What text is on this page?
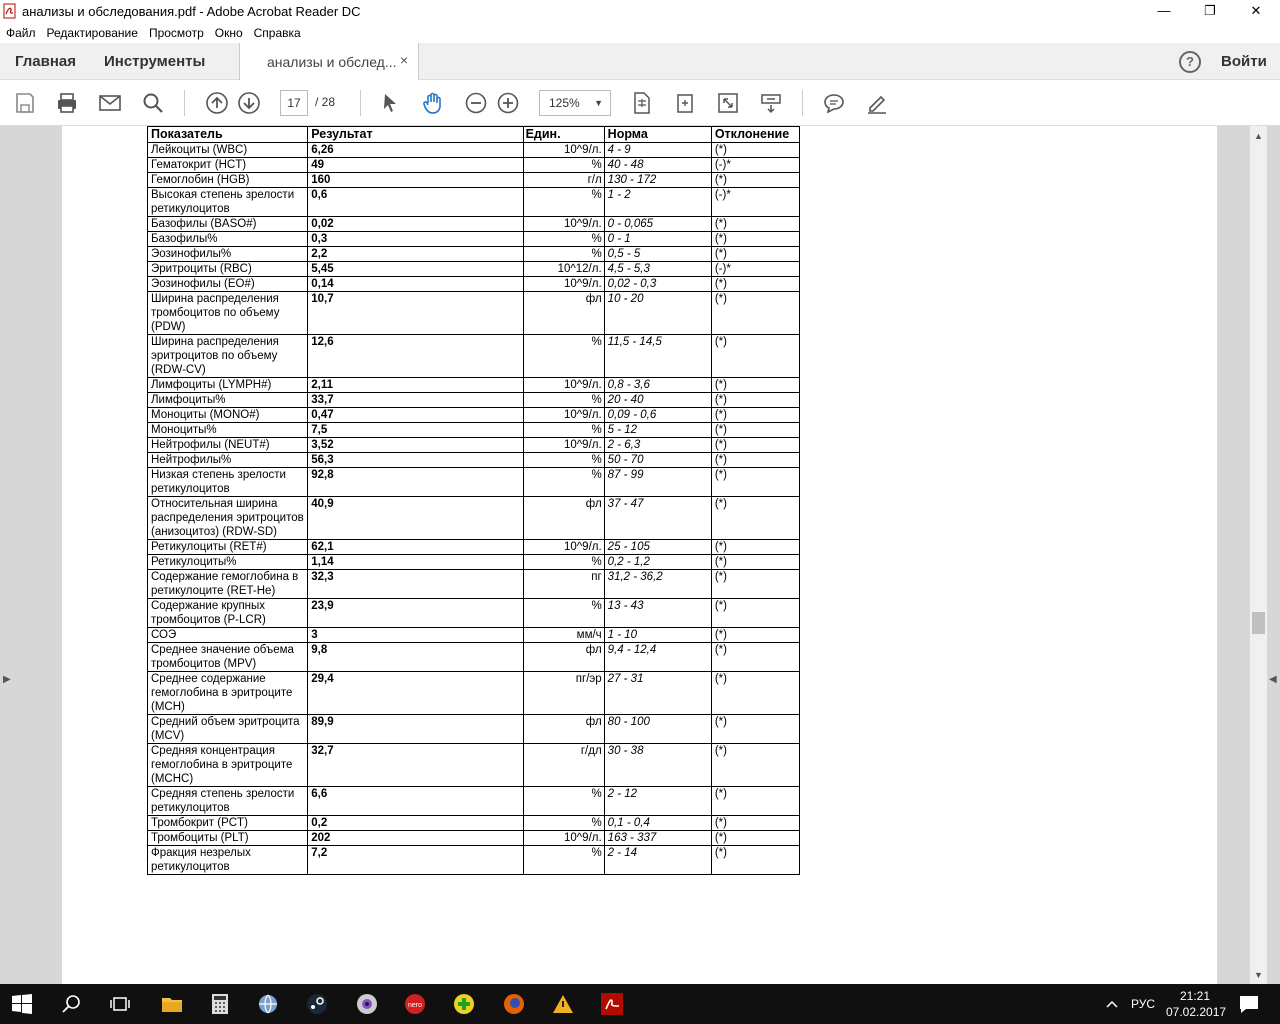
анализы и обследования.pdf - Adobe Acrobat Reader DC	—	❐	✕
Файл Редактирование Просмотр Окно Справка
Главная Инструменты	анализы и обслед... ×	?	Войти
17	/ 28	125% ▼
▶	◀
Показатель	Результат	Един.	Норма	Отклонение
Лейкоциты (WBC)	6,26	10^9/л.	4 - 9	(*)
Гематокрит (HCT)	49	%	40 - 48	(-)*
Гемоглобин (HGB)	160	г/л	130 - 172	(*)
Высокая степень зрелости ретикулоцитов	0,6	%	1 - 2	(-)*
Базофилы (BASO#)	0,02	10^9/л.	0 - 0,065	(*)
Базофилы%	0,3	%	0 - 1	(*)
Эозинофилы%	2,2	%	0,5 - 5	(*)
Эритроциты (RBC)	5,45	10^12/л.	4,5 - 5,3	(-)*
Эозинофилы (EO#)	0,14	10^9/л.	0,02 - 0,3	(*)
Ширина распределения тромбоцитов по объему (PDW)	10,7	фл	10 - 20	(*)
Ширина распределения эритроцитов по объему (RDW-CV)	12,6	%	11,5 - 14,5	(*)
Лимфоциты (LYMPH#)	2,11	10^9/л.	0,8 - 3,6	(*)
Лимфоциты%	33,7	%	20 - 40	(*)
Моноциты (MONO#)	0,47	10^9/л.	0,09 - 0,6	(*)
Моноциты%	7,5	%	5 - 12	(*)
Нейтрофилы (NEUT#)	3,52	10^9/л.	2 - 6,3	(*)
Нейтрофилы%	56,3	%	50 - 70	(*)
Низкая степень зрелости ретикулоцитов	92,8	%	87 - 99	(*)
Относительная ширина распределения эритроцитов (анизоцитоз) (RDW-SD)	40,9	фл	37 - 47	(*)
Ретикулоциты (RET#)	62,1	10^9/л.	25 - 105	(*)
Ретикулоциты%	1,14	%	0,2 - 1,2	(*)
Содержание гемоглобина в ретикулоците (RET-He)	32,3	пг	31,2 - 36,2	(*)
Содержание крупных тромбоцитов (P-LCR)	23,9	%	13 - 43	(*)
СОЭ	3	мм/ч	1 - 10	(*)
Среднее значение объема тромбоцитов (MPV)	9,8	фл	9,4 - 12,4	(*)
Среднее содержание гемоглобина в эритроците (MCH)	29,4	пг/эр	27 - 31	(*)
Средний объем эритроцита (MCV)	89,9	фл	80 - 100	(*)
Средняя концентрация гемоглобина в эритроците (MCHC)	32,7	г/дл	30 - 38	(*)
Средняя степень зрелости ретикулоцитов	6,6	%	2 - 12	(*)
Тромбокрит (PCT)	0,2	%	0,1 - 0,4	(*)
Тромбоциты (PLT)	202	10^9/л.	163 - 337	(*)
Фракция незрелых ретикулоцитов	7,2	%	2 - 14	(*)
▲
▼
nero	РУС
21:21
07.02.2017
